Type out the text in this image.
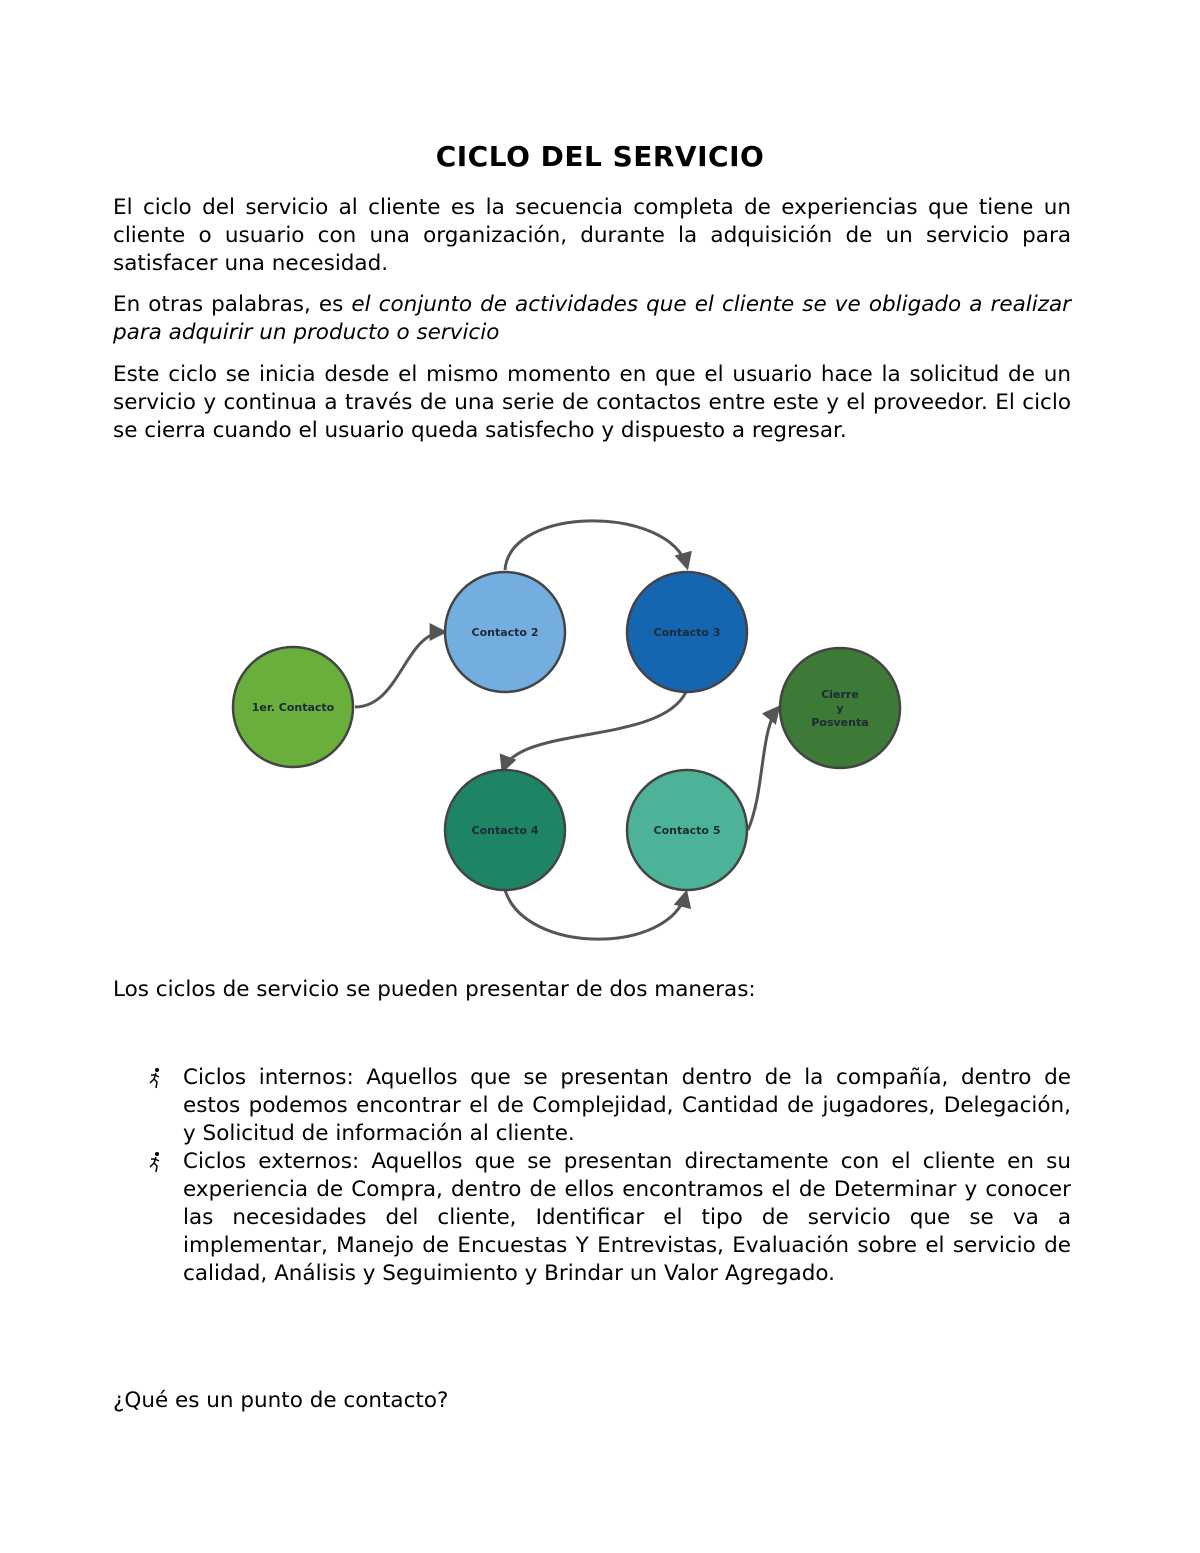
CICLO DEL SERVICIO

El ciclo del servicio al cliente es la secuencia completa de experiencias que tiene un cliente o usuario con una organización, durante la adquisición de un servicio para satisfacer una necesidad.

En otras palabras, es el conjunto de actividades que el cliente se ve obligado a realizar para adquirir un producto o servicio

Este ciclo se inicia desde el mismo momento en que el usuario hace la solicitud de un servicio y continua a través de una serie de contactos entre este y el proveedor. El ciclo se cierra cuando el usuario queda satisfecho y dispuesto a regresar.

1er. Contacto
Contacto 2	Contacto 3
Contacto 4	Contacto 5
Cierre
y
Posventa

Los ciclos de servicio se pueden presentar de dos maneras:

Ciclos internos: Aquellos que se presentan dentro de la compañía, dentro de estos podemos encontrar el de Complejidad, Cantidad de jugadores, Delegación, y Solicitud de información al cliente.
Ciclos externos: Aquellos que se presentan directamente con el cliente en su experiencia de Compra, dentro de ellos encontramos el de Determinar y conocer las necesidades del cliente, Identificar el tipo de servicio que se va a implementar, Manejo de Encuestas Y Entrevistas, Evaluación sobre el servicio de calidad, Análisis y Seguimiento y Brindar un Valor Agregado.

¿Qué es un punto de contacto?
